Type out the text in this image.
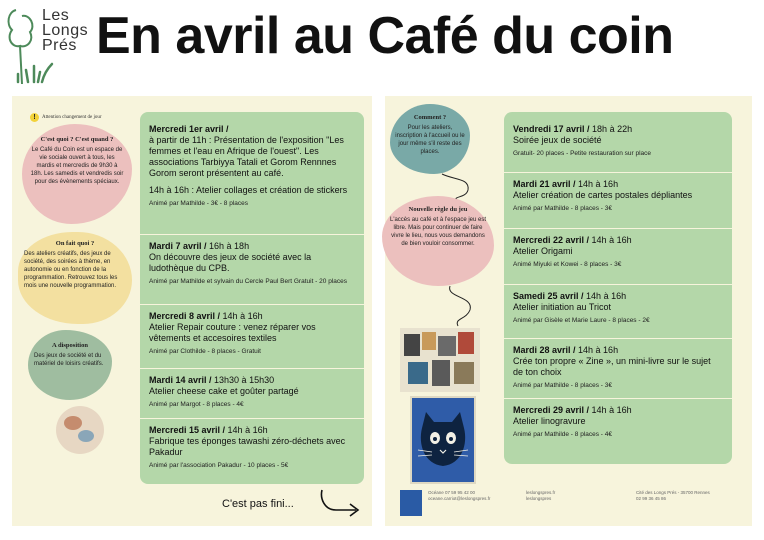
Les
Longs
Prés En avril au Café du coin
!	Attention changement de jour
C'est quoi ? C'est quand ?
Le Café du Coin est un espace de vie sociale ouvert à tous, les mardis et mercredis de 9h30 à 18h. Les samedis et vendredis soir pour des évènements spéciaux.
On fait quoi ?
Des ateliers créatifs, des jeux de société, des soirées à thème, en autonomie ou en fonction de la programmation. Retrouvez tous les mois une nouvelle programmation.
A disposition
Des jeux de société et du matériel de loisirs créatifs.
Mercredi 1er avril /
à partir de 11h : Présentation de l'exposition "Les femmes et l'eau en Afrique de l'ouest". Les associations Tarbiyya Tatali et Gorom Rennnes Gorom seront présentent au café.
14h à 16h : Atelier collages et création de stickers
Animé par Mathilde - 3€ - 8 places
Mardi 7 avril / 16h à 18h
On découvre des jeux de société avec la ludothèque du CPB.
Animé par Mathilde et sylvain du Cercle Paul Bert Gratuit - 20 places
Mercredi 8 avril / 14h à 16h
Atelier Repair couture : venez réparer vos vêtements et accesoires textiles
Animé par Clothilde - 8 places - Gratuit
Mardi 14 avril / 13h30 à 15h30
Atelier cheese cake et goûter partagé
Animé par Margot - 8 places - 4€
Mercredi 15 avril / 14h à 16h
Fabrique tes éponges tawashi zéro-déchets avec Pakadur
Animé par l'association Pakadur - 10 places - 5€
C'est pas fini...
Comment ?
Pour les ateliers, inscription à l'accueil ou le jour même s'il reste des places.
Nouvelle règle du jeu
L'accès au café et à l'espace jeu est libre. Mais pour continuer de faire vivre le lieu, nous vous demandons de bien vouloir consommer.
Vendredi 17 avril / 18h à 22h
Soirée jeux de société
Gratuit- 20 places - Petite restauration sur place
Mardi 21 avril / 14h à 16h
Atelier création de cartes postales dépliantes
Animé par Mathilde - 8 places - 3€
Mercredi 22 avril / 14h à 16h
Atelier Origami
Animé Miyuki et Kowei - 8 places - 3€
Samedi 25 avril / 14h à 16h
Atelier initiation au Tricot
Animé par Gisèle et Marie Laure - 8 places - 2€
Mardi 28 avril / 14h à 16h
Crée ton propre « Zine », un mini-livre sur le sujet de ton choix
Animé par Mathilde - 8 places - 3€
Mercredi 29 avril / 14h à 16h
Atelier linogravure
Animé par Mathilde - 8 places - 4€
Océane 07 59 95 42 00
oceane.carriot@leslongspres.fr
leslongspres.fr
leslongspres
Cité des Longs Prés - 35700 Rennes
02 99 36 45 86
